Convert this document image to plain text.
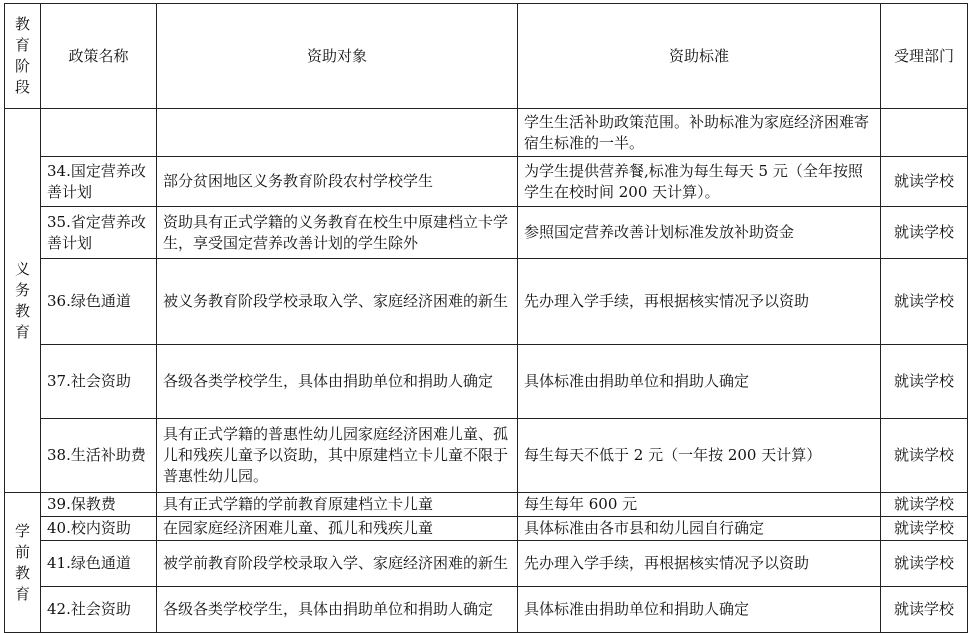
教育阶段	政策名称	资助对象	资助标准	受理部门

义务教育			学生生活补助政策范围。补助标准为家庭经济困难寄宿生标准的一半。	
	34.国定营养改善计划	部分贫困地区义务教育阶段农村学校学生	为学生提供营养餐,标准为每生每天 5 元（全年按照学生在校时间 200 天计算）。	就读学校
	35.省定营养改善计划	资助具有正式学籍的义务教育在校生中原建档立卡学生，享受国定营养改善计划的学生除外	参照国定营养改善计划标准发放补助资金	就读学校
	36.绿色通道	被义务教育阶段学校录取入学、家庭经济困难的新生	先办理入学手续，再根据核实情况予以资助	就读学校
	37.社会资助	各级各类学校学生，具体由捐助单位和捐助人确定	具体标准由捐助单位和捐助人确定	就读学校
	38.生活补助费	具有正式学籍的普惠性幼儿园家庭经济困难儿童、孤儿和残疾儿童予以资助，其中原建档立卡儿童不限于普惠性幼儿园。	每生每天不低于 2 元（一年按 200 天计算）	就读学校

学前教育	39.保教费	具有正式学籍的学前教育原建档立卡儿童	每生每年 600 元	就读学校
	40.校内资助	在园家庭经济困难儿童、孤儿和残疾儿童	具体标准由各市县和幼儿园自行确定	就读学校
	41.绿色通道	被学前教育阶段学校录取入学、家庭经济困难的新生	先办理入学手续，再根据核实情况予以资助	就读学校
	42.社会资助	各级各类学校学生，具体由捐助单位和捐助人确定	具体标准由捐助单位和捐助人确定	就读学校
